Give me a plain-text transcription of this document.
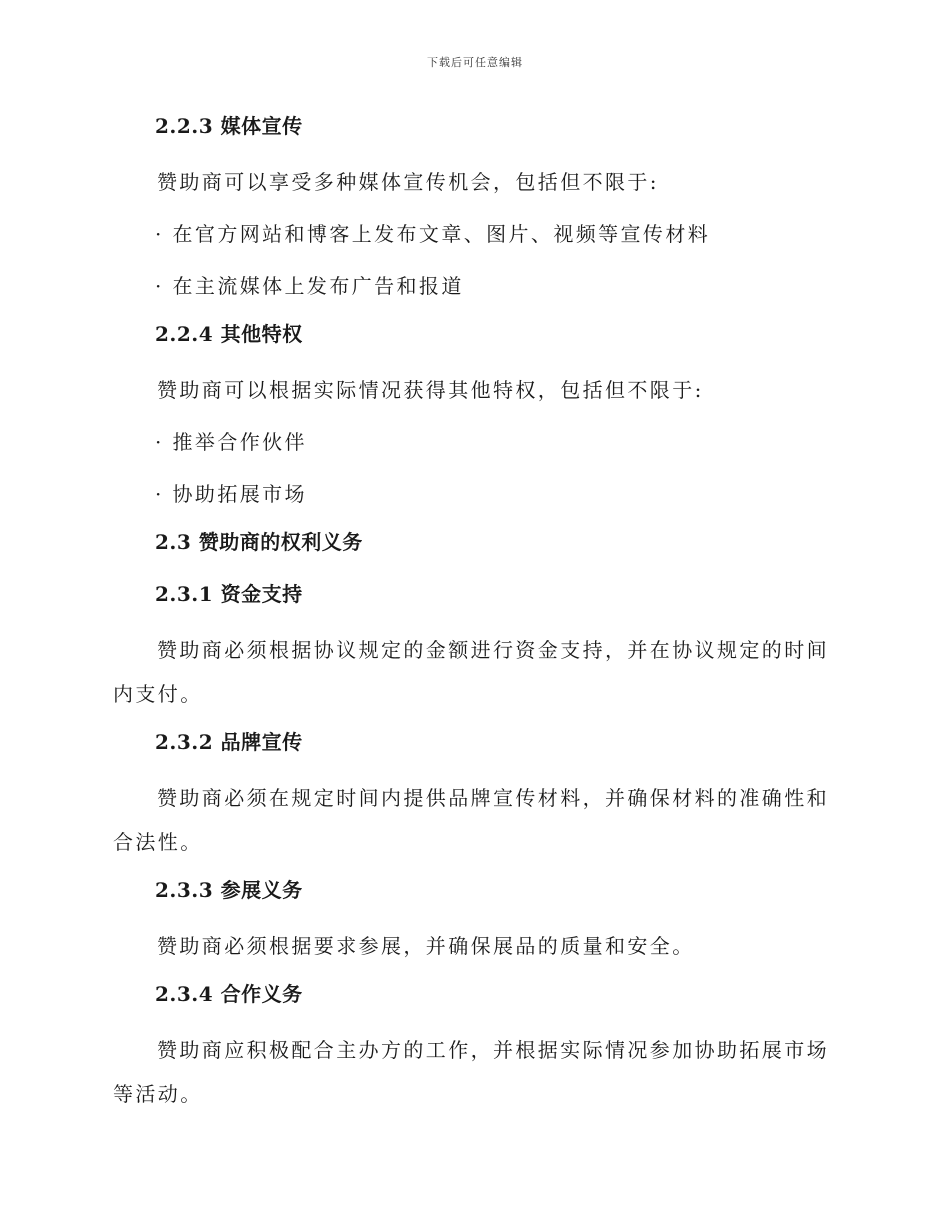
下载后可任意编辑
2.2.3 媒体宣传

赞助商可以享受多种媒体宣传机会，包括但不限于:

· 在官方网站和博客上发布文章、图片、视频等宣传材料

· 在主流媒体上发布广告和报道

2.2.4 其他特权

赞助商可以根据实际情况获得其他特权，包括但不限于:

· 推举合作伙伴

· 协助拓展市场

2.3 赞助商的权利义务
2.3.1 资金支持

赞助商必须根据协议规定的金额进行资金支持，并在协议规定的时间内支付。

2.3.2 品牌宣传

赞助商必须在规定时间内提供品牌宣传材料，并确保材料的准确性和合法性。

2.3.3 参展义务

赞助商必须根据要求参展，并确保展品的质量和安全。

2.3.4 合作义务

赞助商应积极配合主办方的工作，并根据实际情况参加协助拓展市场等活动。
